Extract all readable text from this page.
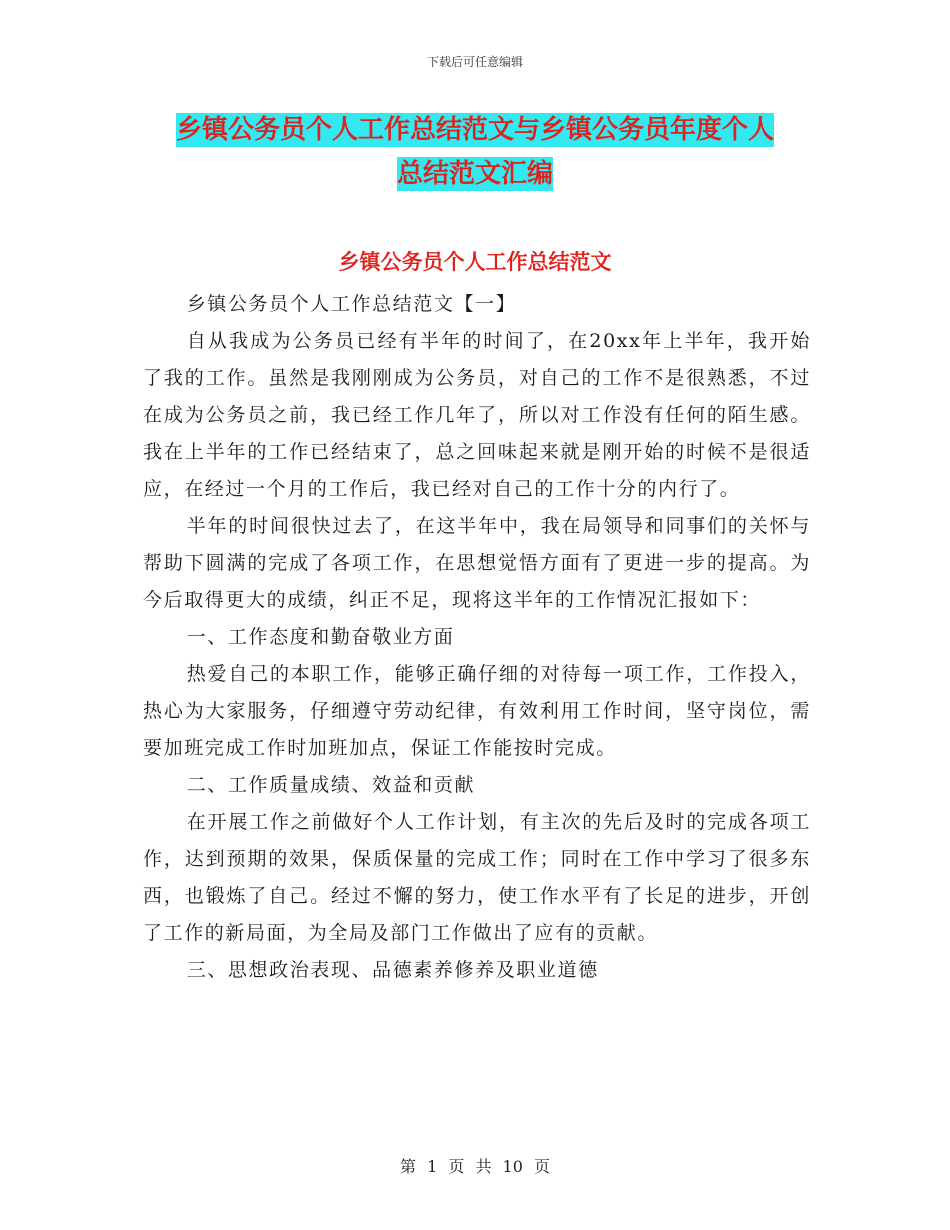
下载后可任意编辑
乡镇公务员个人工作总结范文与乡镇公务员年度个人
总结范文汇编
乡镇公务员个人工作总结范文

乡镇公务员个人工作总结范文【一】

自从我成为公务员已经有半年的时间了，在20xx年上半年，我开始了我的工作。虽然是我刚刚成为公务员，对自己的工作不是很熟悉，不过在成为公务员之前，我已经工作几年了，所以对工作没有任何的陌生感。我在上半年的工作已经结束了，总之回味起来就是刚开始的时候不是很适应，在经过一个月的工作后，我已经对自己的工作十分的内行了。

半年的时间很快过去了，在这半年中，我在局领导和同事们的关怀与帮助下圆满的完成了各项工作，在思想觉悟方面有了更进一步的提高。为今后取得更大的成绩，纠正不足，现将这半年的工作情况汇报如下：

一、工作态度和勤奋敬业方面

热爱自己的本职工作，能够正确仔细的对待每一项工作，工作投入，热心为大家服务，仔细遵守劳动纪律，有效利用工作时间，坚守岗位，需要加班完成工作时加班加点，保证工作能按时完成。

二、工作质量成绩、效益和贡献

在开展工作之前做好个人工作计划，有主次的先后及时的完成各项工作，达到预期的效果，保质保量的完成工作；同时在工作中学习了很多东西，也锻炼了自己。经过不懈的努力，使工作水平有了长足的进步，开创了工作的新局面，为全局及部门工作做出了应有的贡献。

三、思想政治表现、品德素养修养及职业道德

第 1 页 共 10 页
